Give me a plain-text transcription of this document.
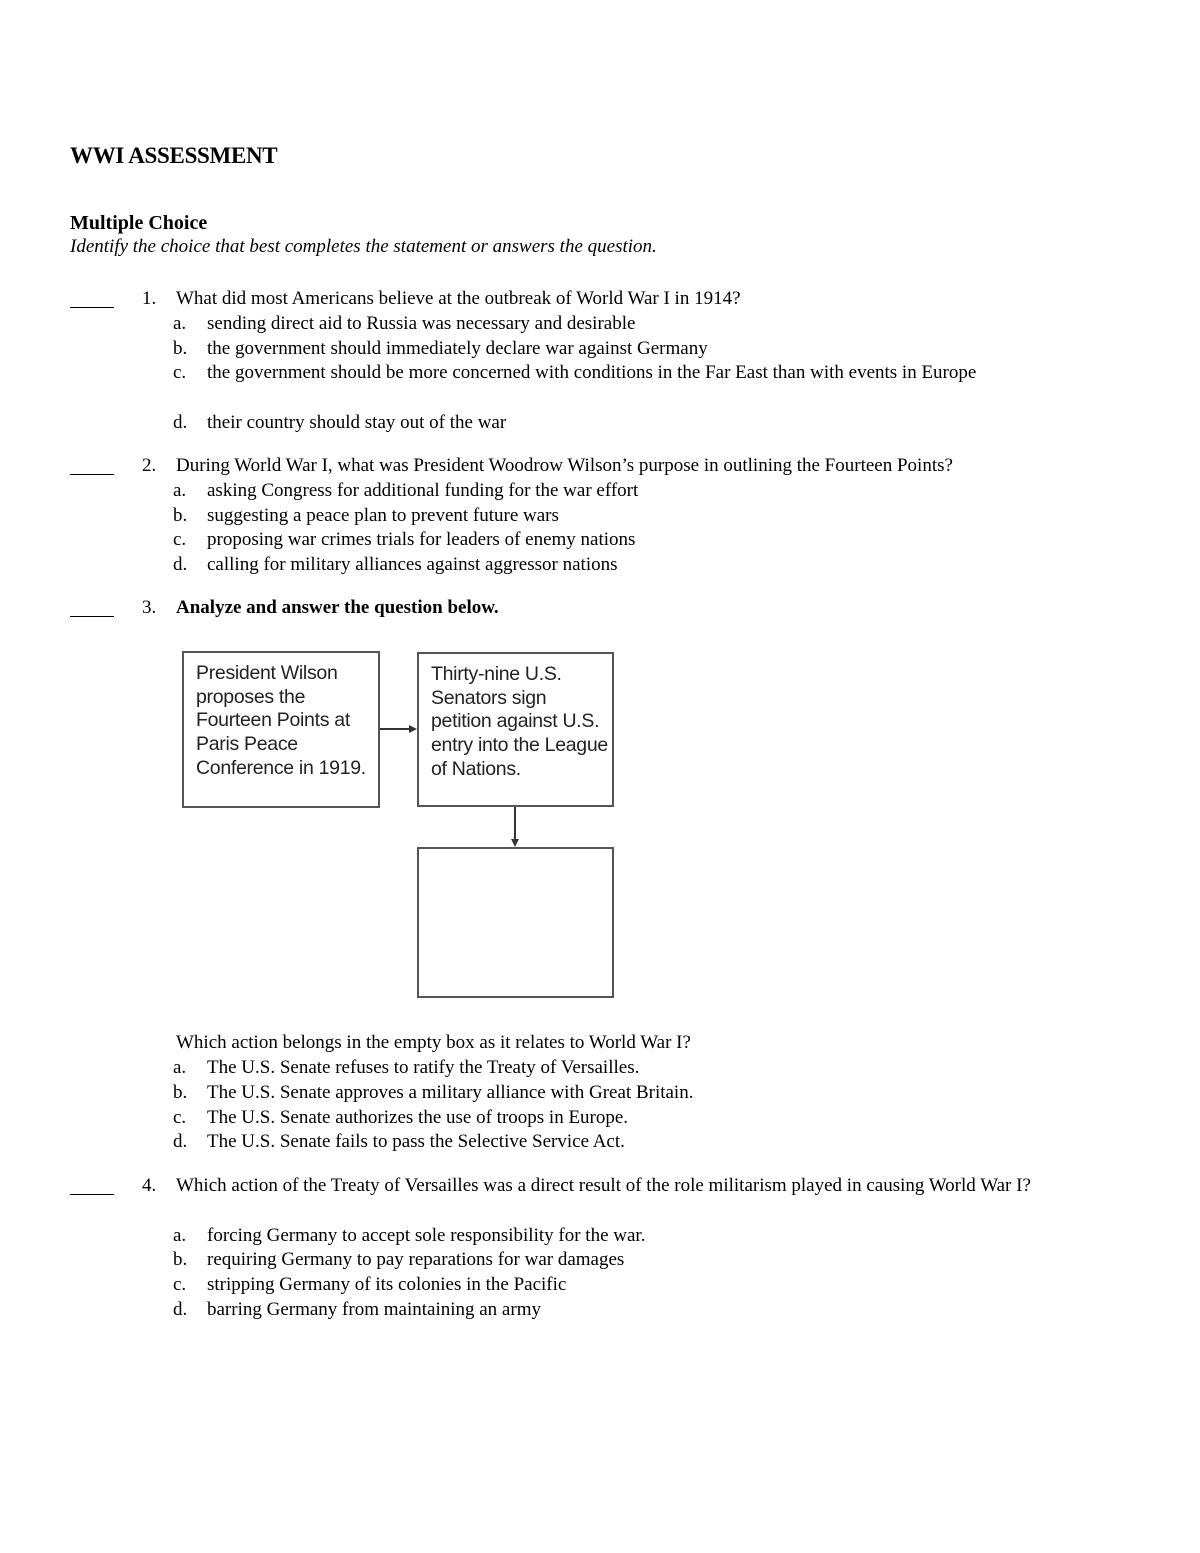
WWI ASSESSMENT
Multiple Choice
Identify the choice that best completes the statement or answers the question.
1. What did most Americans believe at the outbreak of World War I in 1914?
a. sending direct aid to Russia was necessary and desirable
b. the government should immediately declare war against Germany
c. the government should be more concerned with conditions in the Far East than with events in Europe
d. their country should stay out of the war
2. During World War I, what was President Woodrow Wilson’s purpose in outlining the Fourteen Points?
a. asking Congress for additional funding for the war effort
b. suggesting a peace plan to prevent future wars
c. proposing war crimes trials for leaders of enemy nations
d. calling for military alliances against aggressor nations
3. Analyze and answer the question below.
President Wilson proposes the Fourteen Points at Paris Peace Conference in 1919.
Thirty-nine U.S. Senators sign petition against U.S. entry into the League of Nations.
Which action belongs in the empty box as it relates to World War I?
a. The U.S. Senate refuses to ratify the Treaty of Versailles.
b. The U.S. Senate approves a military alliance with Great Britain.
c. The U.S. Senate authorizes the use of troops in Europe.
d. The U.S. Senate fails to pass the Selective Service Act.
4. Which action of the Treaty of Versailles was a direct result of the role militarism played in causing World War I?
a. forcing Germany to accept sole responsibility for the war.
b. requiring Germany to pay reparations for war damages
c. stripping Germany of its colonies in the Pacific
d. barring Germany from maintaining an army
